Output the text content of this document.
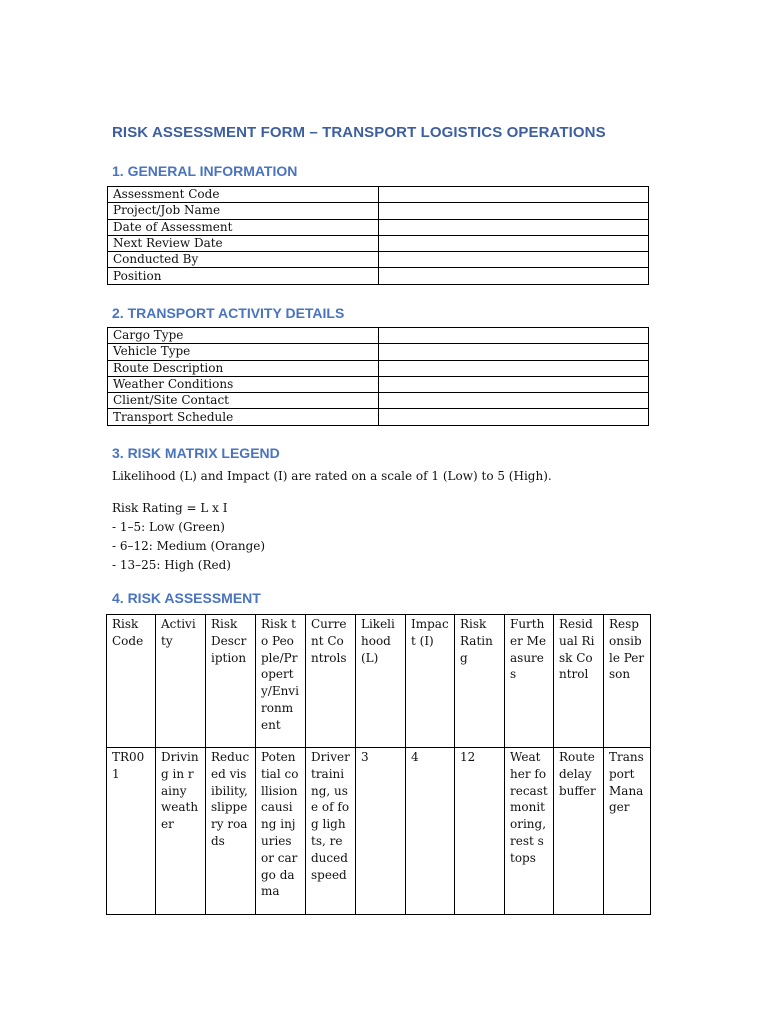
RISK ASSESSMENT FORM – TRANSPORT LOGISTICS OPERATIONS
1. GENERAL INFORMATION
Assessment Code	
Project/Job Name	
Date of Assessment	
Next Review Date	
Conducted By	
Position	
2. TRANSPORT ACTIVITY DETAILS
Cargo Type	
Vehicle Type	
Route Description	
Weather Conditions	
Client/Site Contact	
Transport Schedule	
3. RISK MATRIX LEGEND
Likelihood (L) and Impact (I) are rated on a scale of 1 (Low) to 5 (High).
Risk Rating = L x I
- 1–5: Low (Green)
- 6–12: Medium (Orange)
- 13–25: High (Red)
4. RISK ASSESSMENT
Risk Code	Activity	Risk Description	Risk to People/Property/Environment	Current Controls	Likelihood (L)	Impact (I)	Risk Rating	Further Measures	Residual Risk Control	Responsible Person
TR001	Driving in rainy weather	Reduced visibility, slippery roads	Potential collision causing injuries or cargo dama	Driver training, use of fog lights, reduced speed	3	4	12	Weather forecast monitoring, rest stops	Route delay buffer	Transport Manager
